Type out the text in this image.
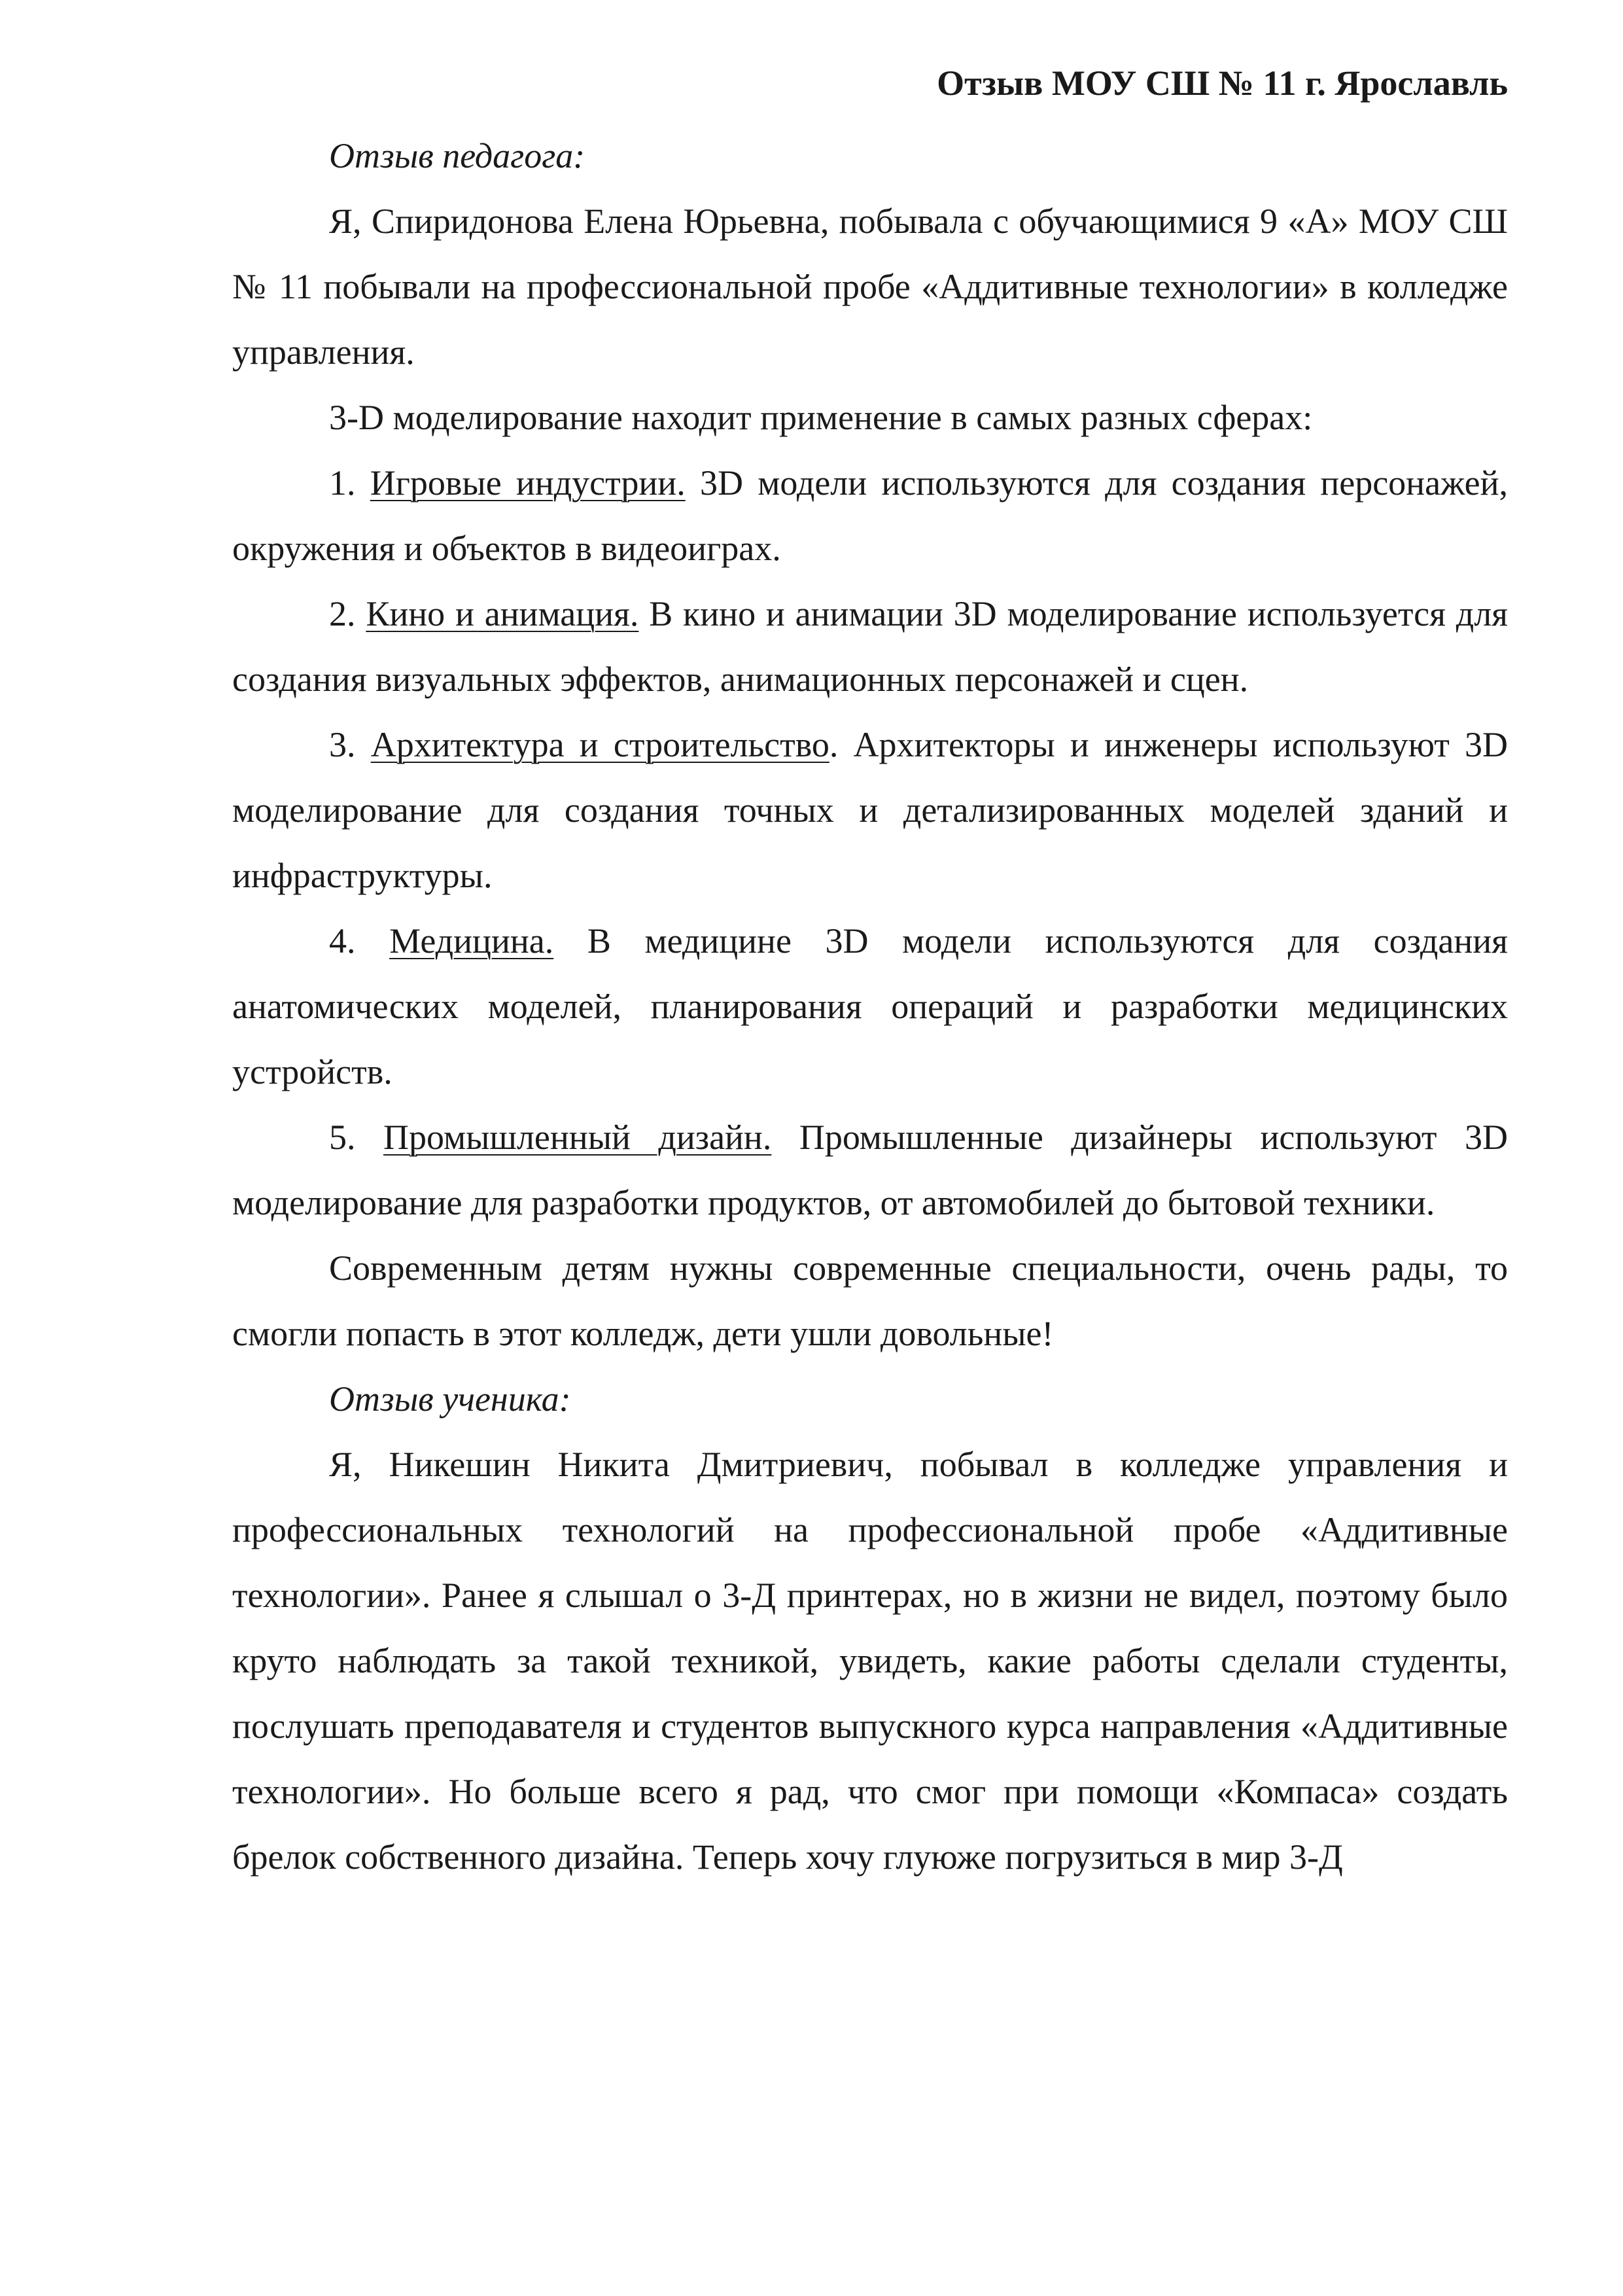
Отзыв МОУ СШ № 11 г. Ярославль

Отзыв педагога:

Я, Спиридонова Елена Юрьевна, побывала с обучающимися 9 «А» МОУ СШ № 11 побывали на профессиональной пробе «Аддитивные технологии» в колледже управления.

3-D моделирование находит применение в самых разных сферах:

1. Игровые индустрии. 3D модели используются для создания персонажей, окружения и объектов в видеоиграх.

2. Кино и анимация. В кино и анимации 3D моделирование используется для создания визуальных эффектов, анимационных персонажей и сцен.

3. Архитектура и строительство. Архитекторы и инженеры используют 3D моделирование для создания точных и детализированных моделей зданий и инфраструктуры.

4. Медицина. В медицине 3D модели используются для создания анатомических моделей, планирования операций и разработки медицинских устройств.

5. Промышленный дизайн. Промышленные дизайнеры используют 3D моделирование для разработки продуктов, от автомобилей до бытовой техники.

Современным детям нужны современные специальности, очень рады, то смогли попасть в этот колледж, дети ушли довольные!

Отзыв ученика:

Я, Никешин Никита Дмитриевич, побывал в колледже управления и профессиональных технологий на профессиональной пробе «Аддитивные технологии». Ранее я слышал о 3-Д принтерах, но в жизни не видел, поэтому было круто наблюдать за такой техникой, увидеть, какие работы сделали студенты, послушать преподавателя и студентов выпускного курса направления «Аддитивные технологии». Но больше всего я рад, что смог при помощи «Компаса» создать брелок собственного дизайна. Теперь хочу глуюже погрузиться в мир 3-Д
